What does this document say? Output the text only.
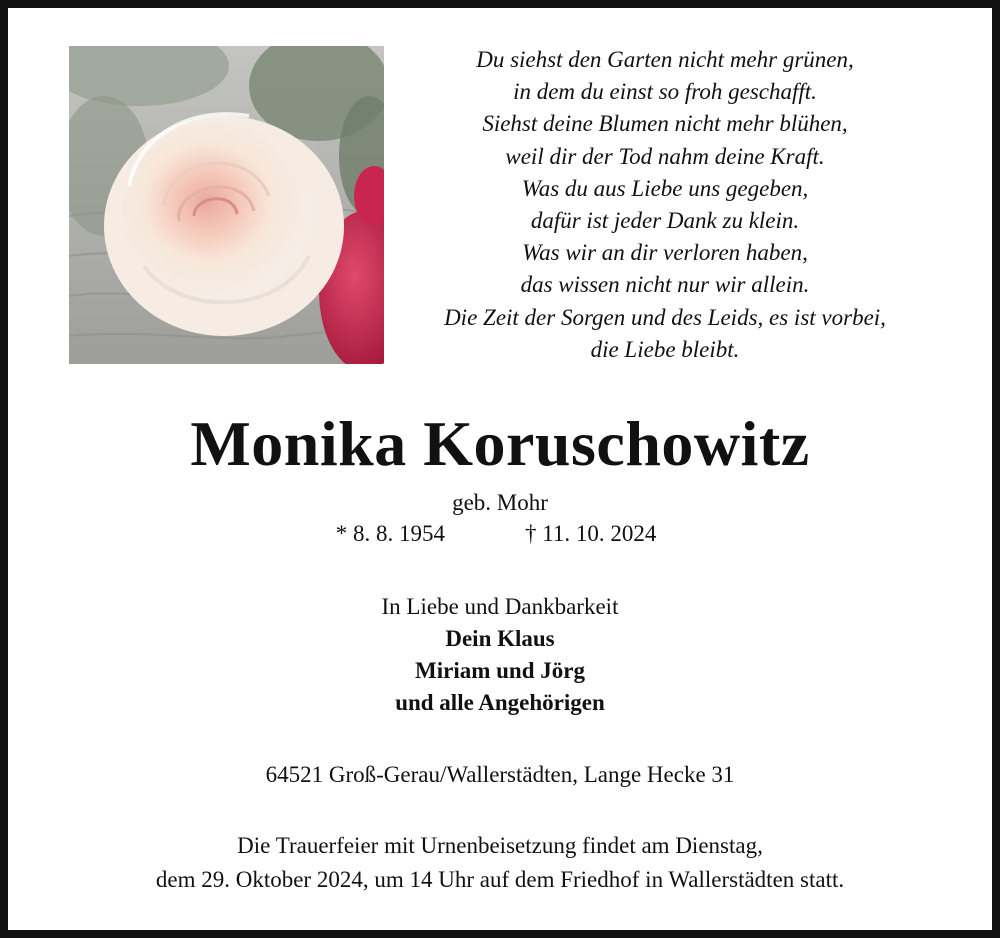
Du siehst den Garten nicht mehr grünen,
in dem du einst so froh geschafft.
Siehst deine Blumen nicht mehr blühen,
weil dir der Tod nahm deine Kraft.
Was du aus Liebe uns gegeben,
dafür ist jeder Dank zu klein.
Was wir an dir verloren haben,
das wissen nicht nur wir allein.
Die Zeit der Sorgen und des Leids, es ist vorbei,
die Liebe bleibt.
Monika Koruschowitz
geb. Mohr
* 8. 8. 1954	† 11. 10. 2024
In Liebe und Dankbarkeit
Dein Klaus
Miriam und Jörg
und alle Angehörigen
64521 Groß-Gerau/Wallerstädten, Lange Hecke 31
Die Trauerfeier mit Urnenbeisetzung findet am Dienstag,
dem 29. Oktober 2024, um 14 Uhr auf dem Friedhof in Wallerstädten statt.
